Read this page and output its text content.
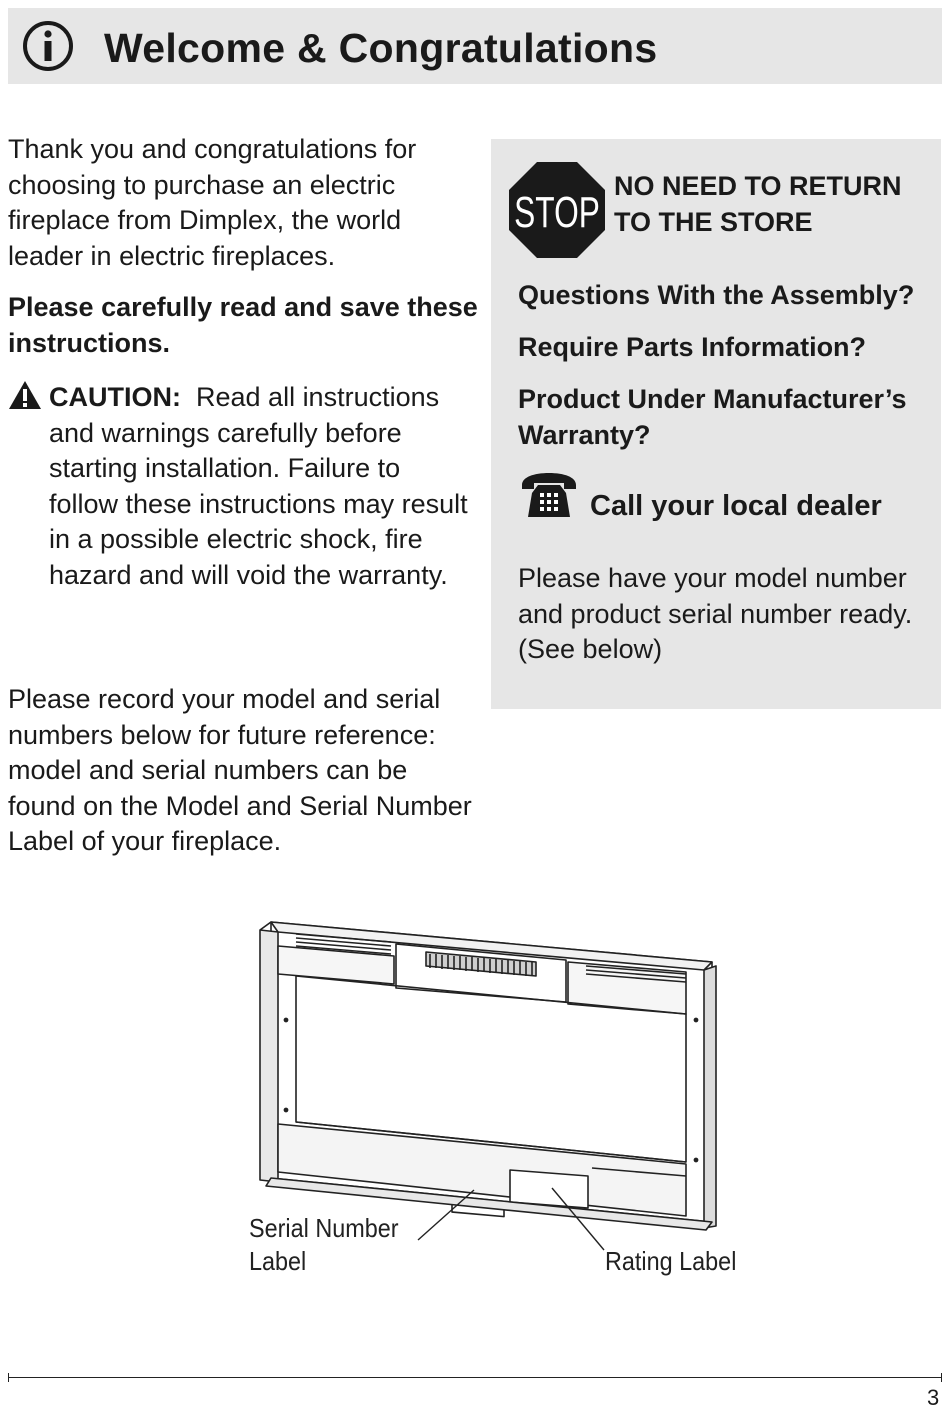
Welcome & Congratulations

Thank you and congratulations for choosing to purchase an electric fireplace from Dimplex, the world leader in electric fireplaces.

Please carefully read and save these instructions.

CAUTION: Read all instructions and warnings carefully before starting installation. Failure to follow these instructions may result in a possible electric shock, fire hazard and will void the warranty.

Please record your model and serial numbers below for future reference: model and serial numbers can be found on the Model and Serial Number Label of your fireplace.

STOP
NO NEED TO RETURN
TO THE STORE
Questions With the Assembly?
Require Parts Information?
Product Under Manufacturer’s Warranty?
Call your local dealer
Please have your model number and product serial number ready. (See below)
Serial Number
Label	Rating Label
3
